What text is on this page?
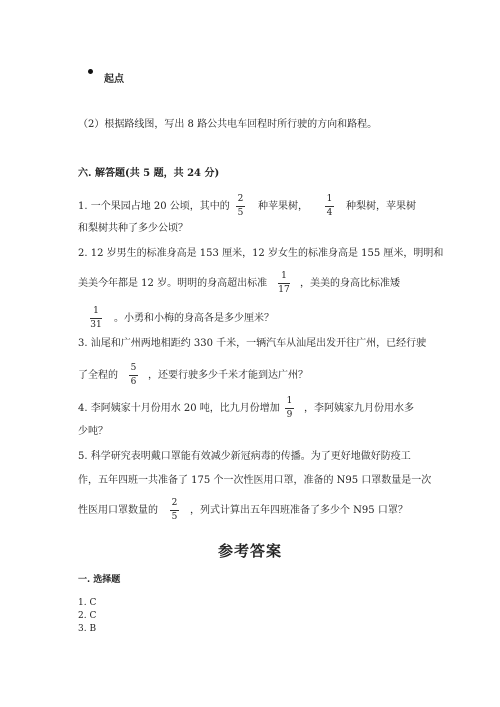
起点
（2）根据路线图，写出 8 路公共电车回程时所行驶的方向和路程。
六. 解答题(共 5 题，共 24 分)
1. 一个果园占地 20 公顷，其中的
2
5
种苹果树，
1
4
种梨树，苹果树
和梨树共种了多少公顷？
2. 12 岁男生的标准身高是 153 厘米，12 岁女生的标准身高是 155 厘米，明明和
美美今年都是 12 岁。明明的身高超出标准
1
17
，美美的身高比标准矮
1
31
。小勇和小梅的身高各是多少厘米？
3. 汕尾和广州两地相距约 330 千米，一辆汽车从汕尾出发开往广州，已经行驶
了全程的
5
6
，还要行驶多少千米才能到达广州？
4. 李阿姨家十月份用水 20 吨，比九月份增加
1
9
，李阿姨家九月份用水多
少吨？
5. 科学研究表明戴口罩能有效减少新冠病毒的传播。为了更好地做好防疫工
作，五年四班一共准备了 175 个一次性医用口罩，准备的 N95 口罩数量是一次
性医用口罩数量的
2
5
，列式计算出五年四班准备了多少个 N95 口罩？
参考答案
一. 选择题
1. C
2. C
3. B
